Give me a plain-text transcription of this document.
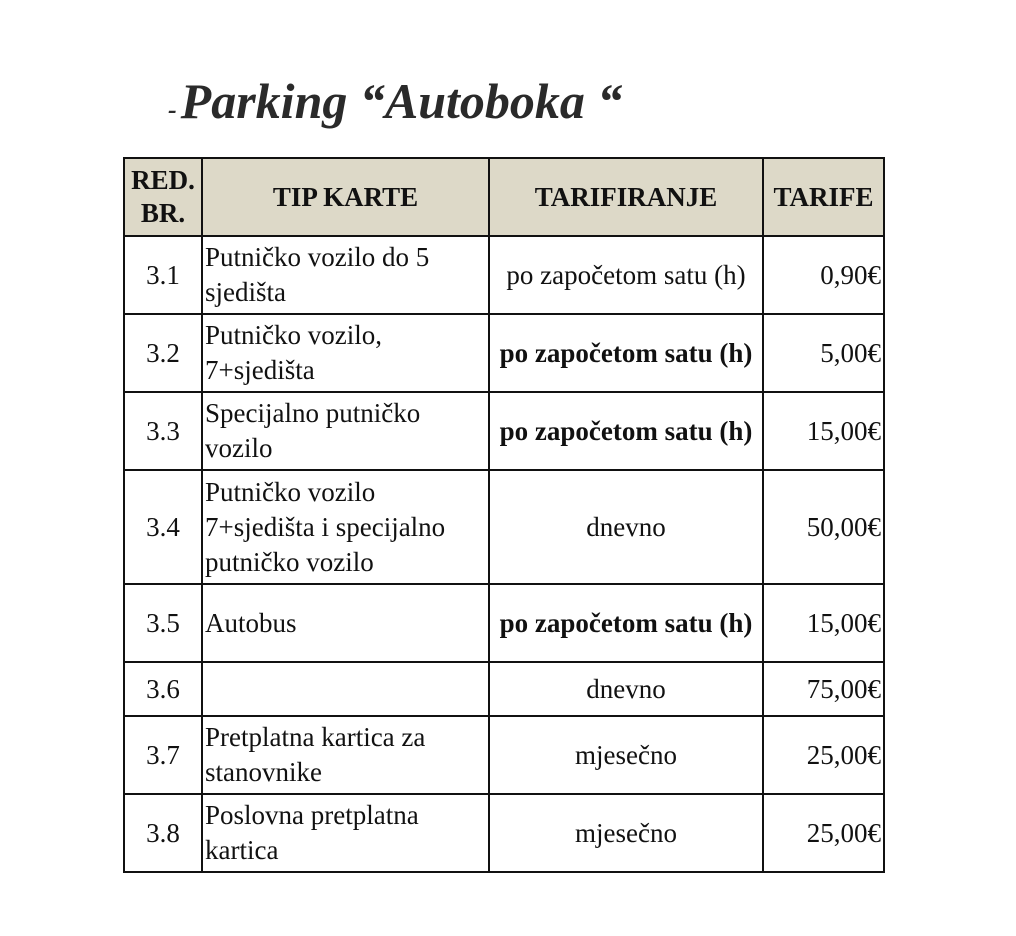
- Parking “Autoboka “
RED. BR.	TIP KARTE	TARIFIRANJE	TARIFE
3.1	Putničko vozilo do 5 sjedišta	po započetom satu (h)	0,90€
3.2	Putničko vozilo, 7+sjedišta	po započetom satu (h)	5,00€
3.3	Specijalno putničko vozilo	po započetom satu (h)	15,00€
3.4	Putničko vozilo 7+sjedišta i specijalno putničko vozilo	dnevno	50,00€
3.5	Autobus	po započetom satu (h)	15,00€
3.6		dnevno	75,00€
3.7	Pretplatna kartica za stanovnike	mjesečno	25,00€
3.8	Poslovna pretplatna kartica	mjesečno	25,00€
